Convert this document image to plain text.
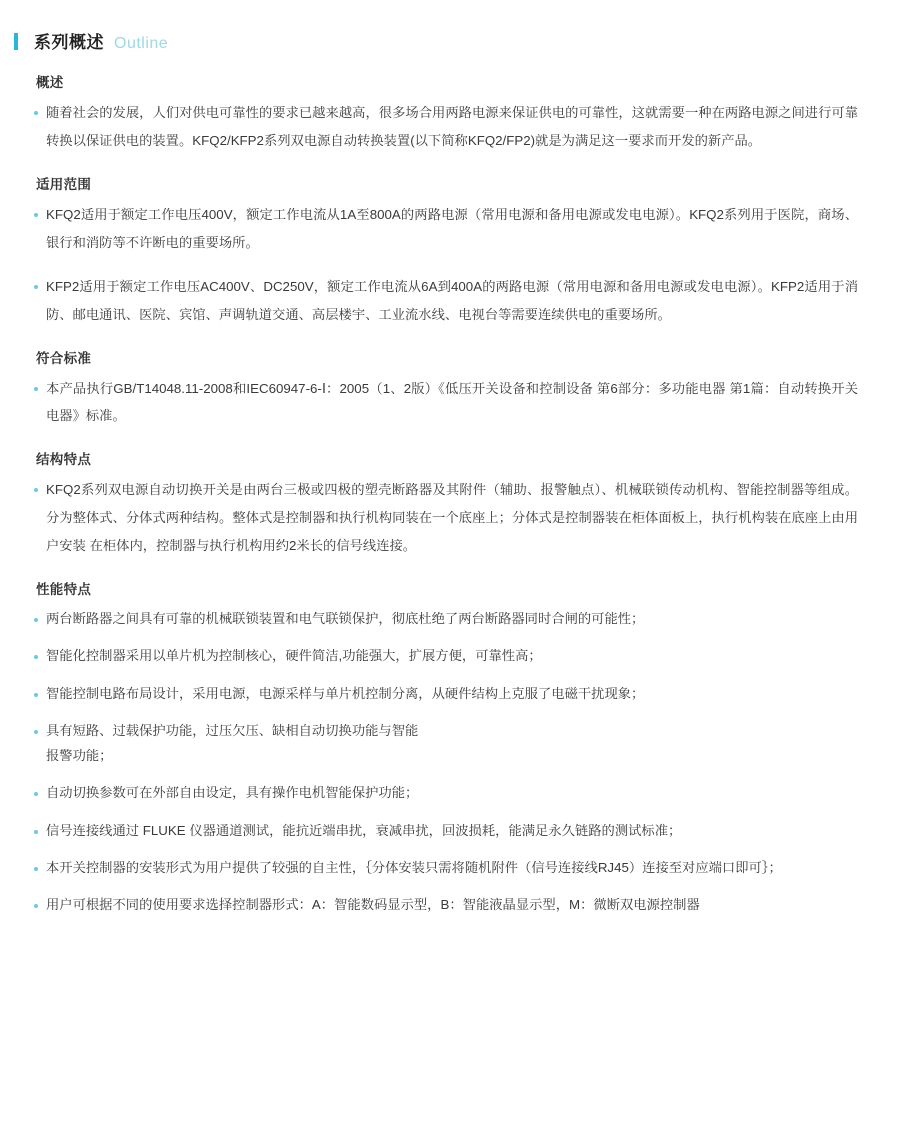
系列概述 Outline
概述
随着社会的发展，人们对供电可靠性的要求已越来越高，很多场合用两路电源来保证供电的可靠性，这就需要一种在两路电源之间进行可靠转换以保证供电的装置。KFQ2/KFP2系列双电源自动转换装置(以下简称KFQ2/FP2)就是为满足这一要求而开发的新产品。
适用范围
KFQ2适用于额定工作电压400V，额定工作电流从1A至800A的两路电源（常用电源和备用电源或发电电源）。KFQ2系列用于医院，商场、银行和消防等不许断电的重要场所。
KFP2适用于额定工作电压AC400V、DC250V，额定工作电流从6A到400A的两路电源（常用电源和备用电源或发电电源）。KFP2适用于消防、邮电通讯、医院、宾馆、声调轨道交通、高层楼宇、工业流水线、电视台等需要连续供电的重要场所。
符合标准
本产品执行GB/T14048.11-2008和IEC60947-6-Ⅰ：2005（1、2版）《低压开关设备和控制设备 第6部分：多功能电器 第1篇：自动转换开关电器》标准。
结构特点
KFQ2系列双电源自动切换开关是由两台三极或四极的塑壳断路器及其附件（辅助、报警触点）、机械联锁传动机构、智能控制器等组成。分为整体式、分体式两种结构。整体式是控制器和执行机构同装在一个底座上；分体式是控制器装在柜体面板上，执行机构装在底座上由用户安装 在柜体内，控制器与执行机构用约2米长的信号线连接。
性能特点
两台断路器之间具有可靠的机械联锁装置和电气联锁保护，彻底杜绝了两台断路器同时合闸的可能性；
智能化控制器采用以单片机为控制核心，硬件简洁,功能强大，扩展方便，可靠性高；
智能控制电路布局设计，采用电源，电源采样与单片机控制分离，从硬件结构上克服了电磁干扰现象；
具有短路、过载保护功能，过压欠压、缺相自动切换功能与智能
报警功能；
自动切换参数可在外部自由设定，具有操作电机智能保护功能；
信号连接线通过 FLUKE 仪器通道测试，能抗近端串扰，衰减串扰，回波损耗，能满足永久链路的测试标准；
本开关控制器的安装形式为用户提供了较强的自主性，｛分体安装只需将随机附件（信号连接线RJ45）连接至对应端口即可｝；
用户可根据不同的使用要求选择控制器形式：A：智能数码显示型，B：智能液晶显示型，M：微断双电源控制器
